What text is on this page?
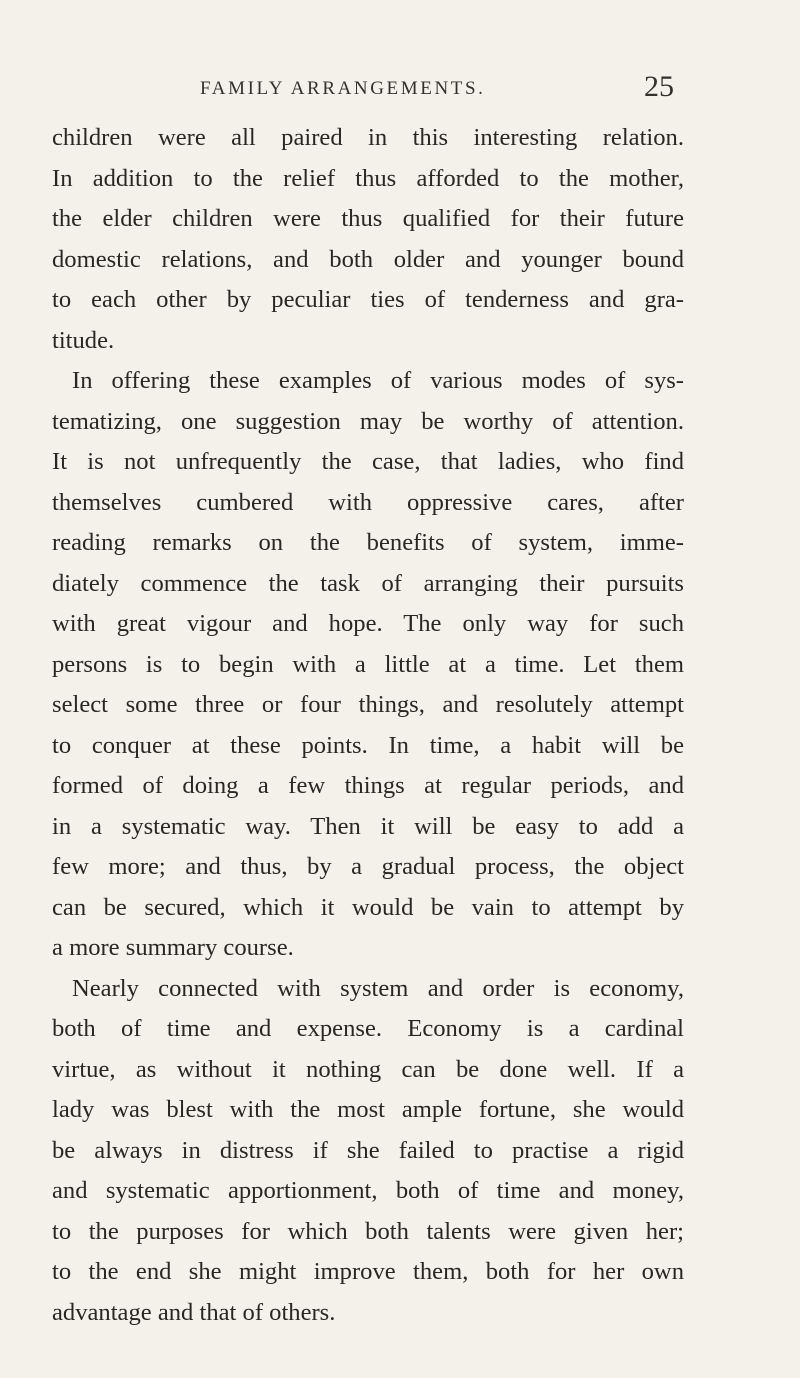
FAMILY ARRANGEMENTS.	25
children were all paired in this interesting relation.
In addition to the relief thus afforded to the mother,
the elder children were thus qualified for their future
domestic relations, and both older and younger bound
to each other by peculiar ties of tenderness and gra-
titude.
In offering these examples of various modes of sys-
tematizing, one suggestion may be worthy of attention.
It is not unfrequently the case, that ladies, who find
themselves cumbered with oppressive cares, after
reading remarks on the benefits of system, imme-
diately commence the task of arranging their pursuits
with great vigour and hope. The only way for such
persons is to begin with a little at a time. Let them
select some three or four things, and resolutely attempt
to conquer at these points. In time, a habit will be
formed of doing a few things at regular periods, and
in a systematic way. Then it will be easy to add a
few more; and thus, by a gradual process, the object
can be secured, which it would be vain to attempt by
a more summary course.
Nearly connected with system and order is economy,
both of time and expense. Economy is a cardinal
virtue, as without it nothing can be done well. If a
lady was blest with the most ample fortune, she would
be always in distress if she failed to practise a rigid
and systematic apportionment, both of time and money,
to the purposes for which both talents were given her;
to the end she might improve them, both for her own
advantage and that of others.
